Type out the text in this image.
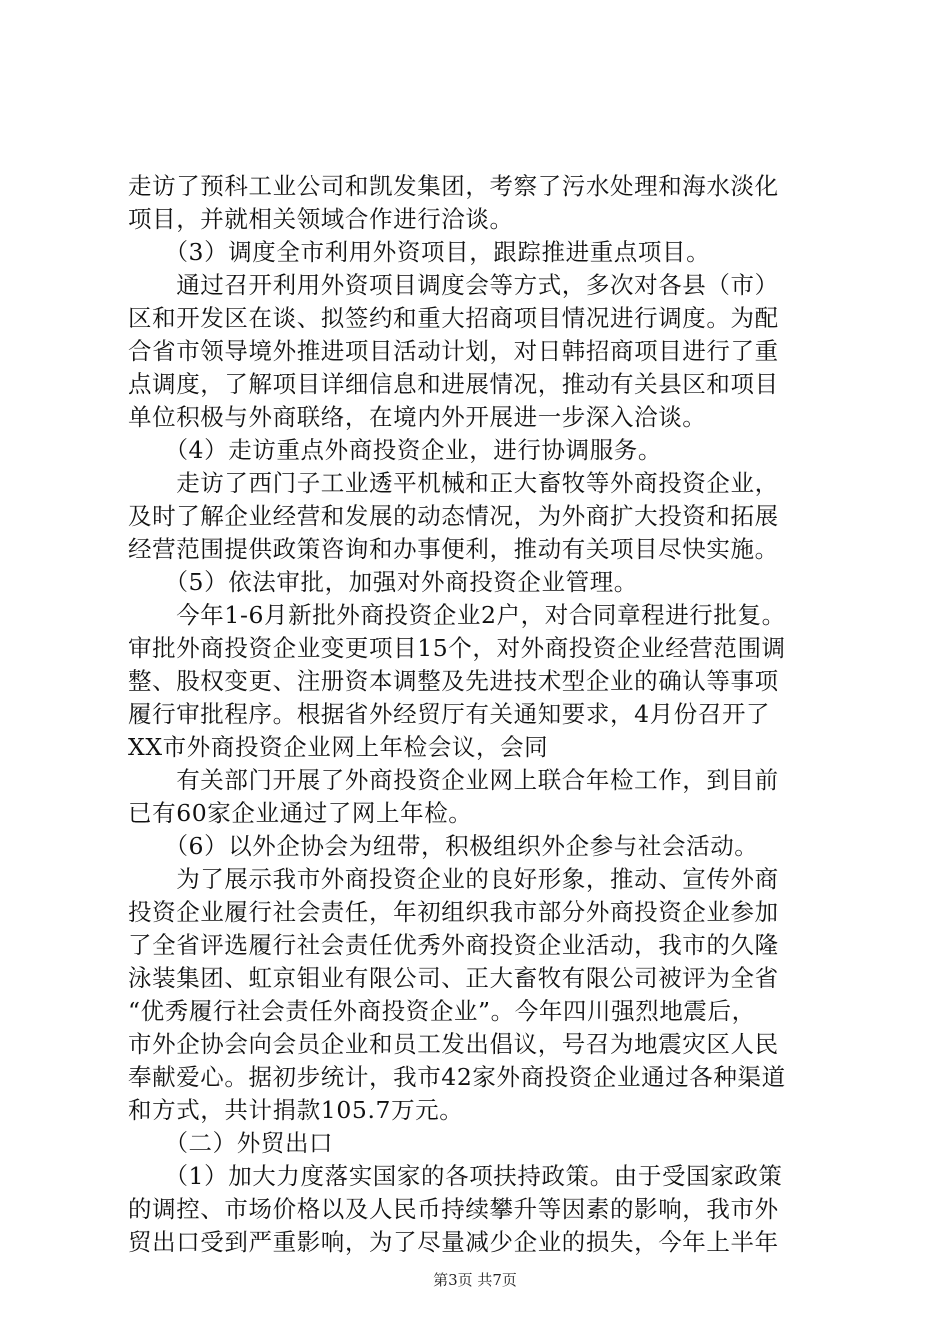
走访了预科工业公司和凯发集团，考察了污水处理和海水淡化
项目，并就相关领域合作进行洽谈。
　　（3）调度全市利用外资项目，跟踪推进重点项目。
　　通过召开利用外资项目调度会等方式，多次对各县（市）
区和开发区在谈、拟签约和重大招商项目情况进行调度。为配
合省市领导境外推进项目活动计划，对日韩招商项目进行了重
点调度，了解项目详细信息和进展情况，推动有关县区和项目
单位积极与外商联络，在境内外开展进一步深入洽谈。
　　（4）走访重点外商投资企业，进行协调服务。
　　走访了西门子工业透平机械和正大畜牧等外商投资企业，
及时了解企业经营和发展的动态情况，为外商扩大投资和拓展
经营范围提供政策咨询和办事便利，推动有关项目尽快实施。
　　（5）依法审批，加强对外商投资企业管理。
　　今年1-6月新批外商投资企业2户，对合同章程进行批复。
审批外商投资企业变更项目15个，对外商投资企业经营范围调
整、股权变更、注册资本调整及先进技术型企业的确认等事项
履行审批程序。根据省外经贸厅有关通知要求，4月份召开了
XX市外商投资企业网上年检会议，会同
　　有关部门开展了外商投资企业网上联合年检工作，到目前
已有60家企业通过了网上年检。
　　（6）以外企协会为纽带，积极组织外企参与社会活动。
　　为了展示我市外商投资企业的良好形象，推动、宣传外商
投资企业履行社会责任，年初组织我市部分外商投资企业参加
了全省评选履行社会责任优秀外商投资企业活动，我市的久隆
泳装集团、虹京钼业有限公司、正大畜牧有限公司被评为全省
“优秀履行社会责任外商投资企业”。今年四川强烈地震后，
市外企协会向会员企业和员工发出倡议，号召为地震灾区人民
奉献爱心。据初步统计，我市42家外商投资企业通过各种渠道
和方式，共计捐款105.7万元。
　　（二）外贸出口
　　（1）加大力度落实国家的各项扶持政策。由于受国家政策
的调控、市场价格以及人民币持续攀升等因素的影响，我市外
贸出口受到严重影响，为了尽量减少企业的损失，今年上半年
第3页 共7页
